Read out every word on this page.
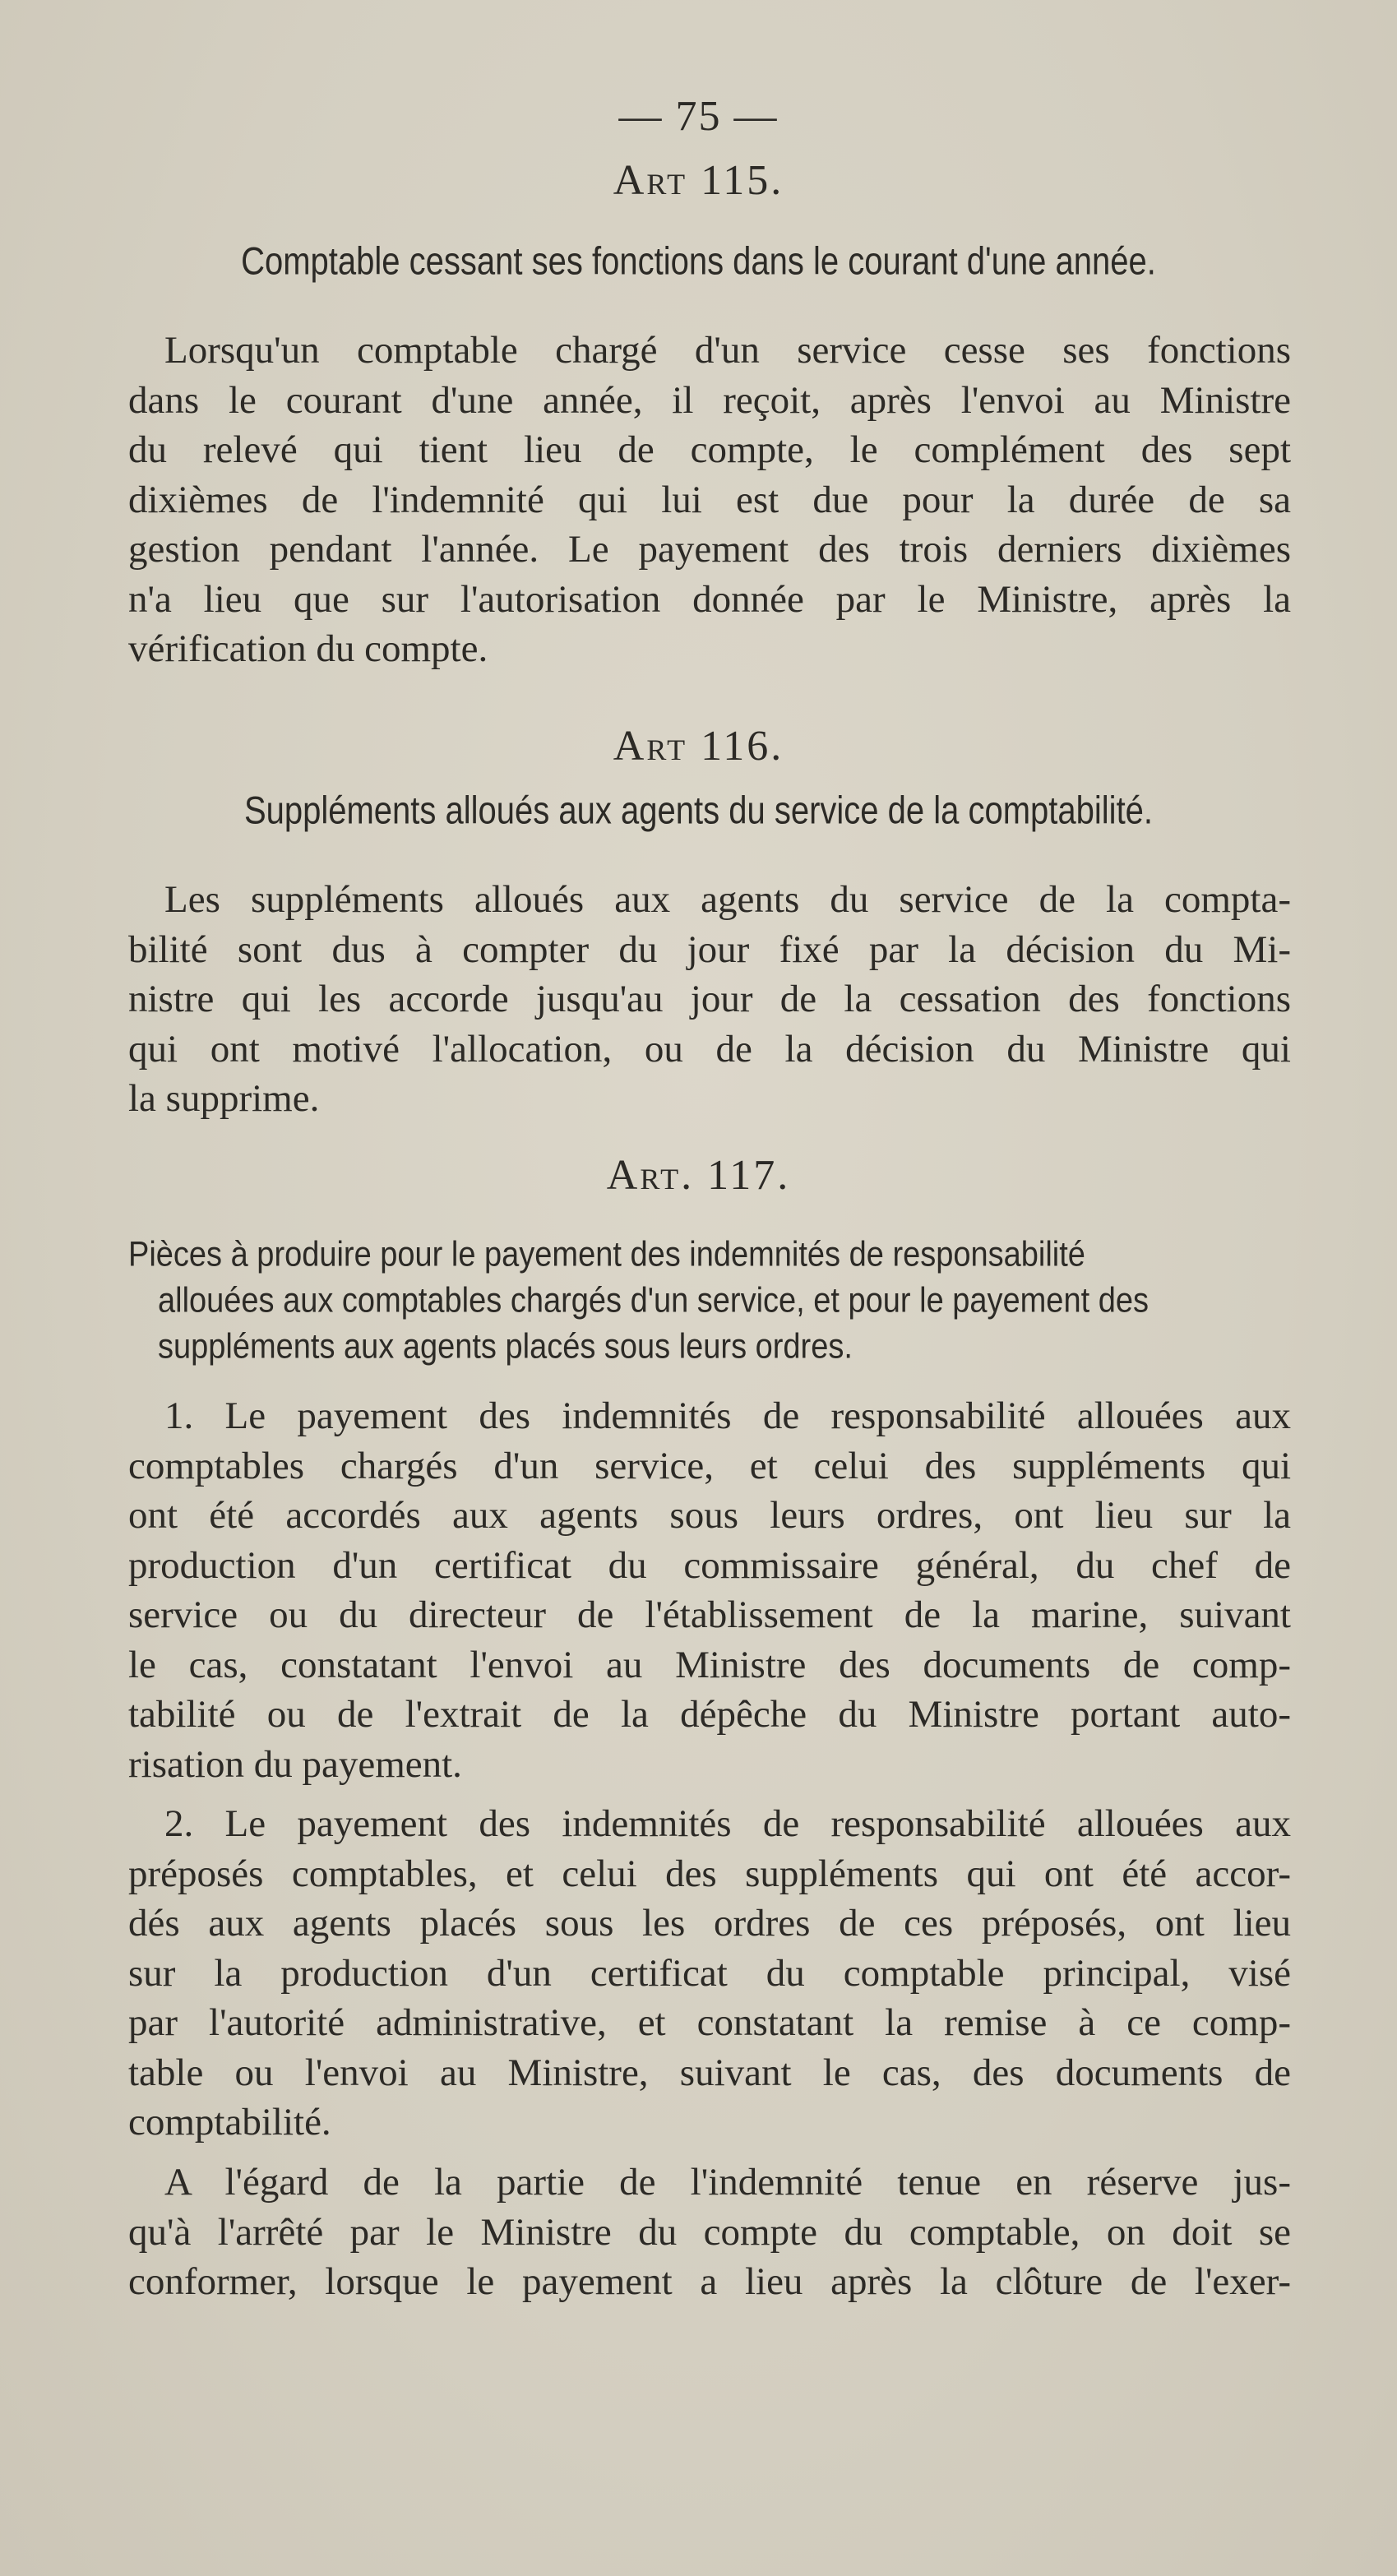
— 75 —
Art 115.
Comptable cessant ses fonctions dans le courant d'une année.
Lorsqu'un comptable chargé d'un service cesse ses fonctions
dans le courant d'une année, il reçoit, après l'envoi au Ministre
du relevé qui tient lieu de compte, le complément des sept
dixièmes de l'indemnité qui lui est due pour la durée de sa
gestion pendant l'année. Le payement des trois derniers dixièmes
n'a lieu que sur l'autorisation donnée par le Ministre, après la
vérification du compte.
Art 116.
Suppléments alloués aux agents du service de la comptabilité.
Les suppléments alloués aux agents du service de la compta-
bilité sont dus à compter du jour fixé par la décision du Mi-
nistre qui les accorde jusqu'au jour de la cessation des fonctions
qui ont motivé l'allocation, ou de la décision du Ministre qui
la supprime.
Art. 117.
Pièces à produire pour le payement des indemnités de responsabilité
allouées aux comptables chargés d'un service, et pour le payement des
suppléments aux agents placés sous leurs ordres.
1. Le payement des indemnités de responsabilité allouées aux
comptables chargés d'un service, et celui des suppléments qui
ont été accordés aux agents sous leurs ordres, ont lieu sur la
production d'un certificat du commissaire général, du chef de
service ou du directeur de l'établissement de la marine, suivant
le cas, constatant l'envoi au Ministre des documents de comp-
tabilité ou de l'extrait de la dépêche du Ministre portant auto-
risation du payement.
2. Le payement des indemnités de responsabilité allouées aux
préposés comptables, et celui des suppléments qui ont été accor-
dés aux agents placés sous les ordres de ces préposés, ont lieu
sur la production d'un certificat du comptable principal, visé
par l'autorité administrative, et constatant la remise à ce comp-
table ou l'envoi au Ministre, suivant le cas, des documents de
comptabilité.
A l'égard de la partie de l'indemnité tenue en réserve jus-
qu'à l'arrêté par le Ministre du compte du comptable, on doit se
conformer, lorsque le payement a lieu après la clôture de l'exer-
